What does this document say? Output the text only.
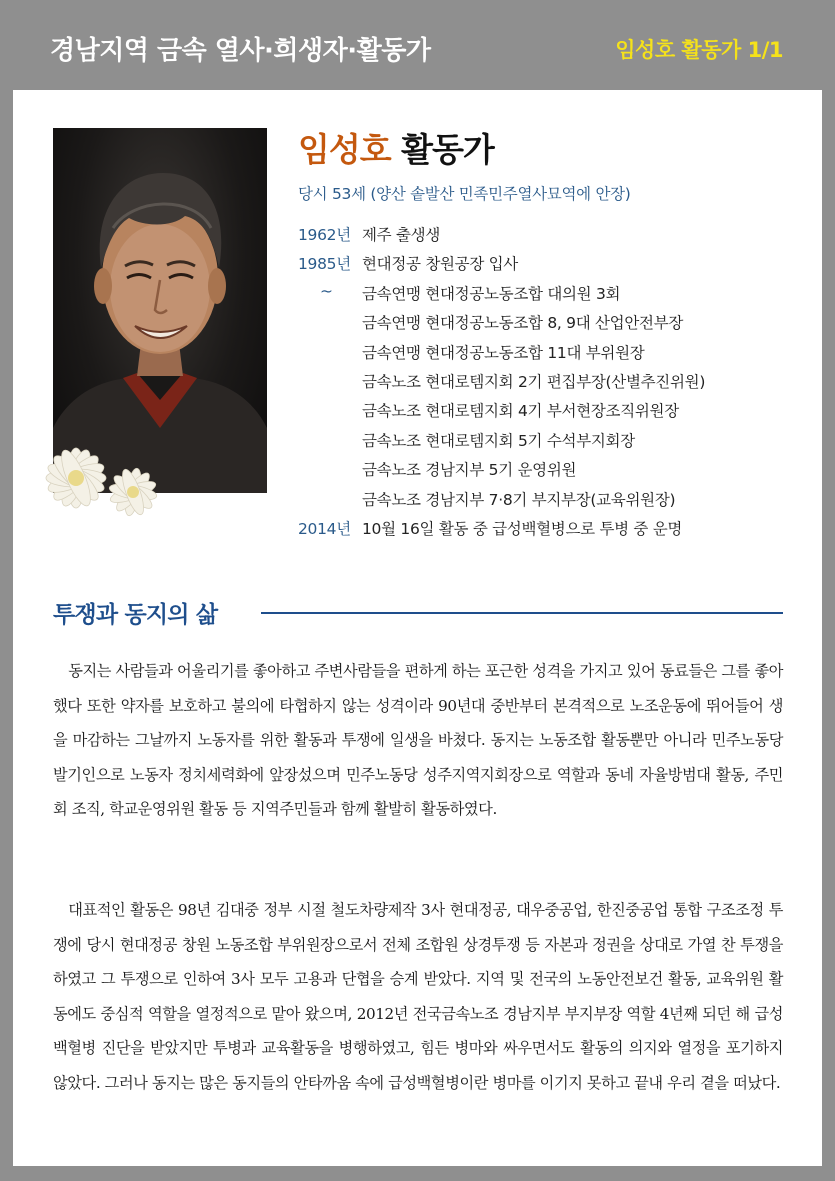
경남지역 금속 열사·희생자·활동가	임성호 활동가 1/1
임성호 활동가
당시 53세 (양산 솥발산 민족민주열사묘역에 안장)
1962년 제주 출생생
1985년 현대정공 창원공장 입사
~ 금속연맹 현대정공노동조합 대의원 3회
금속연맹 현대정공노동조합 8, 9대 산업안전부장
금속연맹 현대정공노동조합 11대 부위원장
금속노조 현대로템지회 2기 편집부장(산별추진위원)
금속노조 현대로템지회 4기 부서현장조직위원장
금속노조 현대로템지회 5기 수석부지회장
금속노조 경남지부 5기 운영위원
금속노조 경남지부 7·8기 부지부장(교육위원장)
2014년 10월 16일 활동 중 급성백혈병으로 투병 중 운명
투쟁과 동지의 삶

동지는 사람들과 어울리기를 좋아하고 주변사람들을 편하게 하는 포근한 성격을 가지고 있어 동료들은 그를 좋아했다 또한 약자를 보호하고 불의에 타협하지 않는 성격이라 90년대 중반부터 본격적으로 노조운동에 뛰어들어 생을 마감하는 그날까지 노동자를 위한 활동과 투쟁에 일생을 바쳤다. 동지는 노동조합 활동뿐만 아니라 민주노동당 발기인으로 노동자 정치세력화에 앞장섰으며 민주노동당 성주지역지회장으로 역할과 동네 자율방범대 활동, 주민회 조직, 학교운영위원 활동 등 지역주민들과 함께 활발히 활동하였다.

대표적인 활동은 98년 김대중 정부 시절 철도차량제작 3사 현대정공, 대우중공업, 한진중공업 통합 구조조정 투쟁에 당시 현대정공 창원 노동조합 부위원장으로서 전체 조합원 상경투쟁 등 자본과 정권을 상대로 가열 찬 투쟁을 하였고 그 투쟁으로 인하여 3사 모두 고용과 단협을 승계 받았다. 지역 및 전국의 노동안전보건 활동, 교육위원 활동에도 중심적 역할을 열정적으로 맡아 왔으며, 2012년 전국금속노조 경남지부 부지부장 역할 4년째 되던 해 급성 백혈병 진단을 받았지만 투병과 교육활동을 병행하였고, 힘든 병마와 싸우면서도 활동의 의지와 열정을 포기하지 않았다. 그러나 동지는 많은 동지들의 안타까움 속에 급성백혈병이란 병마를 이기지 못하고 끝내 우리 곁을 떠났다.
